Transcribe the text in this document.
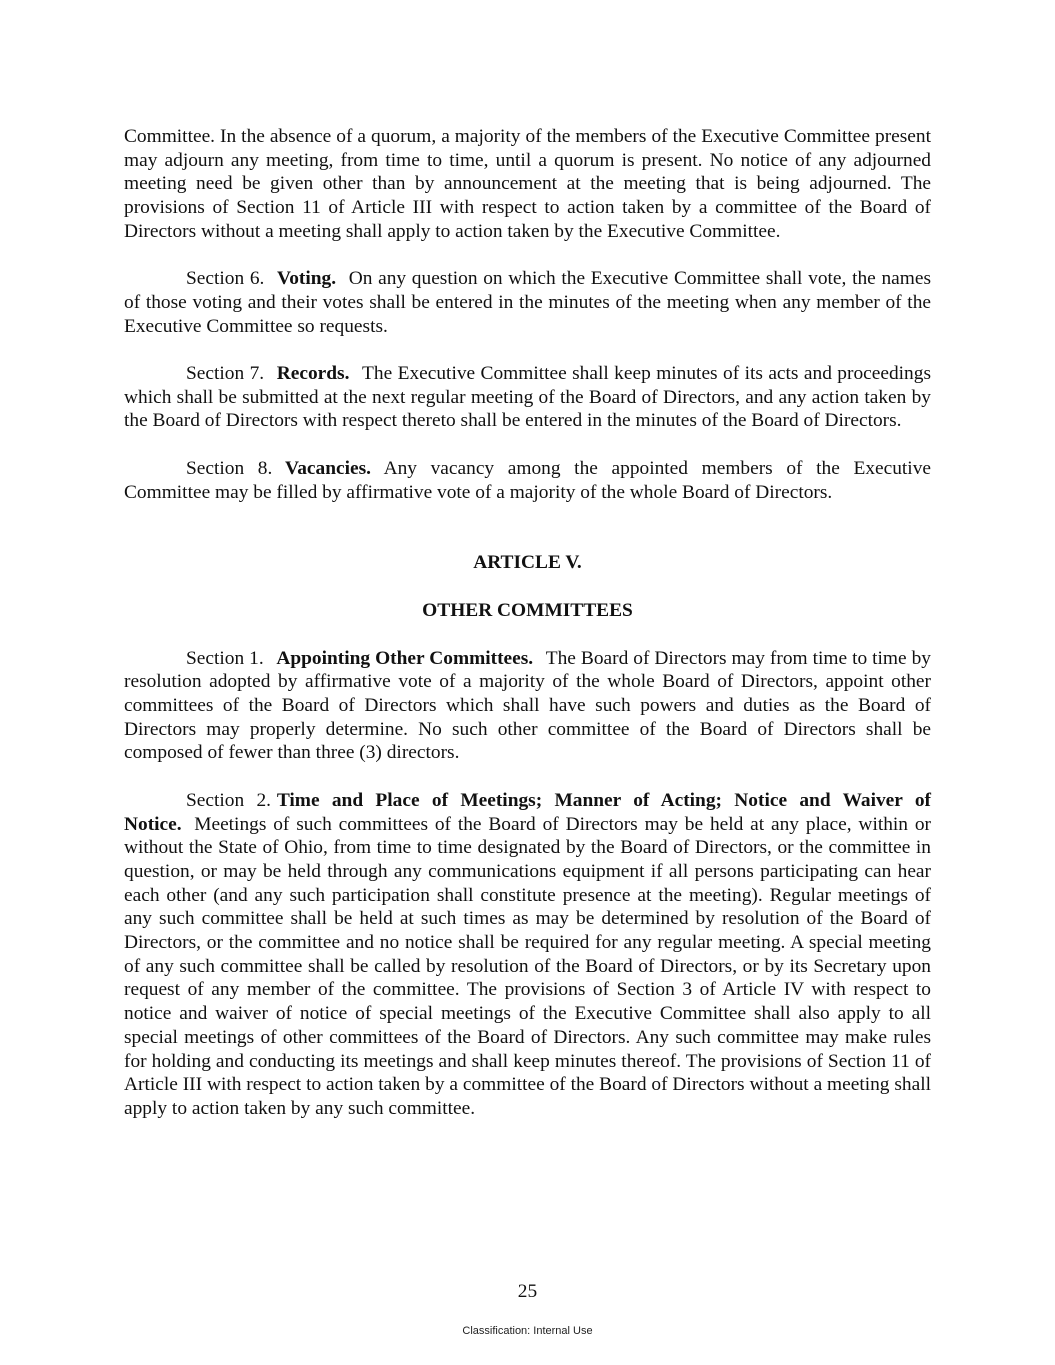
Committee. In the absence of a quorum, a majority of the members of the Executive Committee present may adjourn any meeting, from time to time, until a quorum is present. No notice of any adjourned meeting need be given other than by announcement at the meeting that is being adjourned. The provisions of Section 11 of Article III with respect to action taken by a committee of the Board of Directors without a meeting shall apply to action taken by the Executive Committee.

Section 6. Voting. On any question on which the Executive Committee shall vote, the names of those voting and their votes shall be entered in the minutes of the meeting when any member of the Executive Committee so requests.

Section 7. Records. The Executive Committee shall keep minutes of its acts and proceedings which shall be submitted at the next regular meeting of the Board of Directors, and any action taken by the Board of Directors with respect thereto shall be entered in the minutes of the Board of Directors.

Section 8. Vacancies. Any vacancy among the appointed members of the Executive Committee may be filled by affirmative vote of a majority of the whole Board of Directors.

ARTICLE V.

OTHER COMMITTEES

Section 1. Appointing Other Committees. The Board of Directors may from time to time by resolution adopted by affirmative vote of a majority of the whole Board of Directors, appoint other committees of the Board of Directors which shall have such powers and duties as the Board of Directors may properly determine. No such other committee of the Board of Directors shall be composed of fewer than three (3) directors.

Section 2. Time and Place of Meetings; Manner of Acting; Notice and Waiver of Notice. Meetings of such committees of the Board of Directors may be held at any place, within or without the State of Ohio, from time to time designated by the Board of Directors, or the committee in question, or may be held through any communications equipment if all persons participating can hear each other (and any such participation shall constitute presence at the meeting). Regular meetings of any such committee shall be held at such times as may be determined by resolution of the Board of Directors, or the committee and no notice shall be required for any regular meeting. A special meeting of any such committee shall be called by resolution of the Board of Directors, or by its Secretary upon request of any member of the committee. The provisions of Section 3 of Article IV with respect to notice and waiver of notice of special meetings of the Executive Committee shall also apply to all special meetings of other committees of the Board of Directors. Any such committee may make rules for holding and conducting its meetings and shall keep minutes thereof. The provisions of Section 11 of Article III with respect to action taken by a committee of the Board of Directors without a meeting shall apply to action taken by any such committee.

25
Classification: Internal Use
